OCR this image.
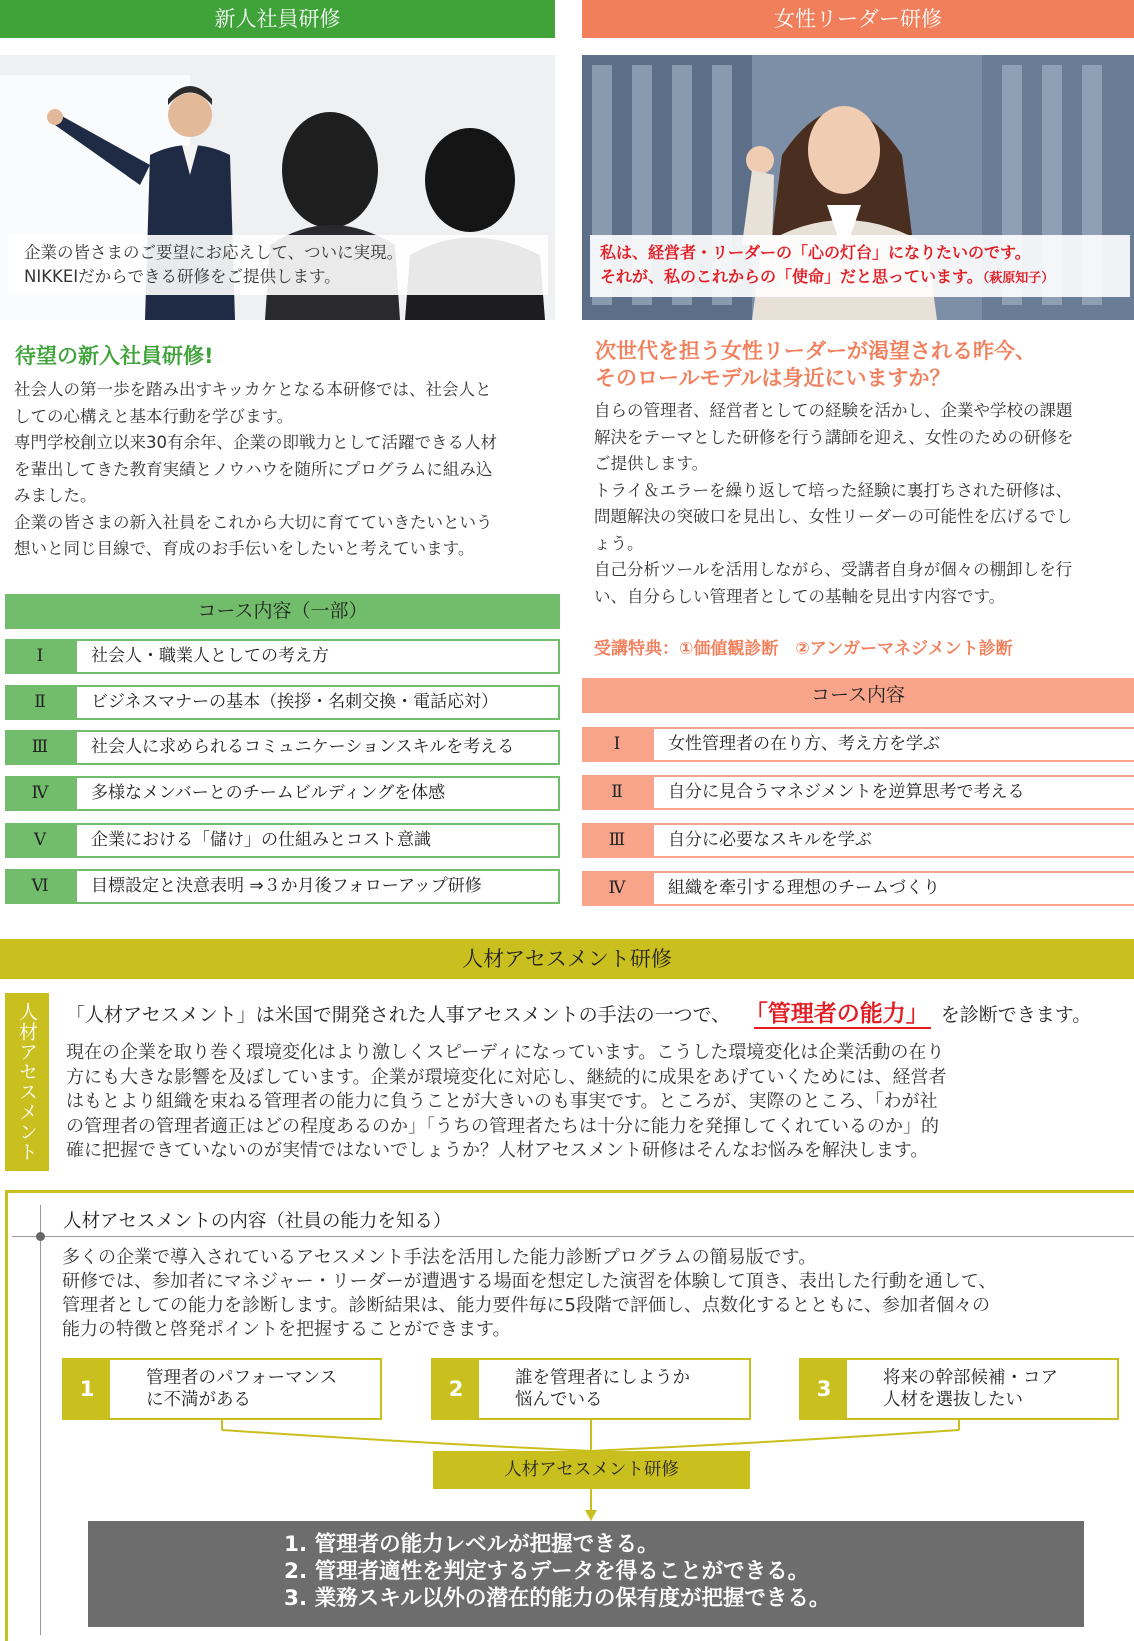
新人社員研修	女性リーダー研修
企業の皆さまのご要望にお応えして、ついに実現。
NIKKEIだからできる研修をご提供します。
私は、経営者・リーダーの「心の灯台」になりたいのです。
それが、私のこれからの「使命」だと思っています。（萩原知子）
待望の新入社員研修!
社会人の第一歩を踏み出すキッカケとなる本研修では、社会人と
しての心構えと基本行動を学びます。
専門学校創立以来30有余年、企業の即戦力として活躍できる人材
を輩出してきた教育実績とノウハウを随所にプログラムに組み込
みました。
企業の皆さまの新入社員をこれから大切に育てていきたいという
想いと同じ目線で、育成のお手伝いをしたいと考えています。
次世代を担う女性リーダーが渇望される昨今、
そのロールモデルは身近にいますか？
自らの管理者、経営者としての経験を活かし、企業や学校の課題
解決をテーマとした研修を行う講師を迎え、女性のための研修を
ご提供します。
トライ＆エラーを繰り返して培った経験に裏打ちされた研修は、
問題解決の突破口を見出し、女性リーダーの可能性を広げるでし
ょう。
自己分析ツールを活用しながら、受講者自身が個々の棚卸しを行
い、自分らしい管理者としての基軸を見出す内容です。
受講特典：①価値観診断　②アンガーマネジメント診断
コース内容（一部）
Ⅰ	社会人・職業人としての考え方
Ⅱ	ビジネスマナーの基本（挨拶・名刺交換・電話応対）
Ⅲ	社会人に求められるコミュニケーションスキルを考える
Ⅳ	多様なメンバーとのチームビルディングを体感
Ⅴ	企業における「儲け」の仕組みとコスト意識
Ⅵ	目標設定と決意表明 ⇒３か月後フォローアップ研修
コース内容
Ⅰ	女性管理者の在り方、考え方を学ぶ
Ⅱ	自分に見合うマネジメントを逆算思考で考える
Ⅲ	自分に必要なスキルを学ぶ
Ⅳ	組織を牽引する理想のチームづくり
人材アセスメント研修
人材アセスメント
「人材アセスメント」は米国で開発された人事アセスメントの手法の一つで、 「管理者の能力」 を診断できます。
現在の企業を取り巻く環境変化はより激しくスピーディになっています。こうした環境変化は企業活動の在り
方にも大きな影響を及ぼしています。企業が環境変化に対応し、継続的に成果をあげていくためには、経営者
はもとより組織を束ねる管理者の能力に負うことが大きいのも事実です。ところが、実際のところ、「わが社
の管理者の管理者適正はどの程度あるのか」「うちの管理者たちは十分に能力を発揮してくれているのか」的
確に把握できていないのが実情ではないでしょうか？人材アセスメント研修はそんなお悩みを解決します。
人材アセスメントの内容（社員の能力を知る）
多くの企業で導入されているアセスメント手法を活用した能力診断プログラムの簡易版です。
研修では、参加者にマネジャー・リーダーが遭遇する場面を想定した演習を体験して頂き、表出した行動を通して、
管理者としての能力を診断します。診断結果は、能力要件毎に5段階で評価し、点数化するとともに、参加者個々の
能力の特徴と啓発ポイントを把握することができます。
1	管理者のパフォーマンス
に不満がある	2	誰を管理者にしようか
悩んでいる	3	将来の幹部候補・コア
人材を選抜したい
人材アセスメント研修
1. 管理者の能力レベルが把握できる。
2. 管理者適性を判定するデータを得ることができる。
3. 業務スキル以外の潜在的能力の保有度が把握できる。
